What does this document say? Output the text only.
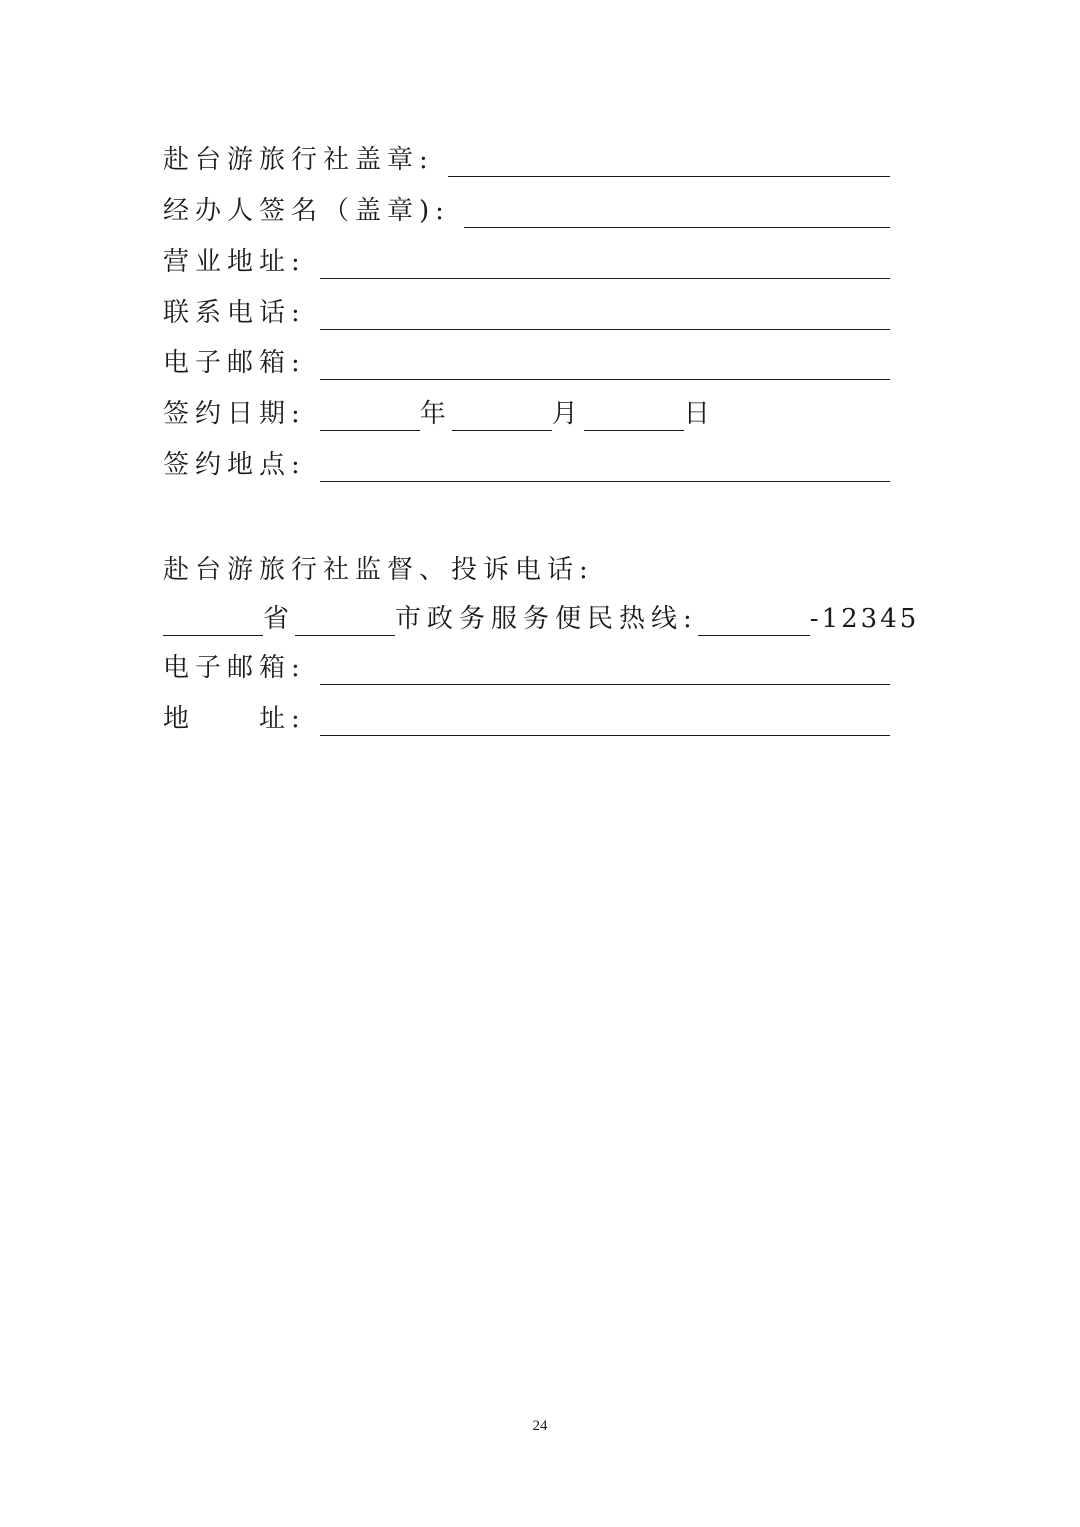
赴台游旅行社盖章:
经办人签名（盖章):
营业地址:
联系电话:
电子邮箱:
签约日期:	年	月	日
签约地点:
赴台游旅行社监督、投诉电话:
省	市政务服务便民热线:	-12345
电子邮箱:
地　　址:
24
